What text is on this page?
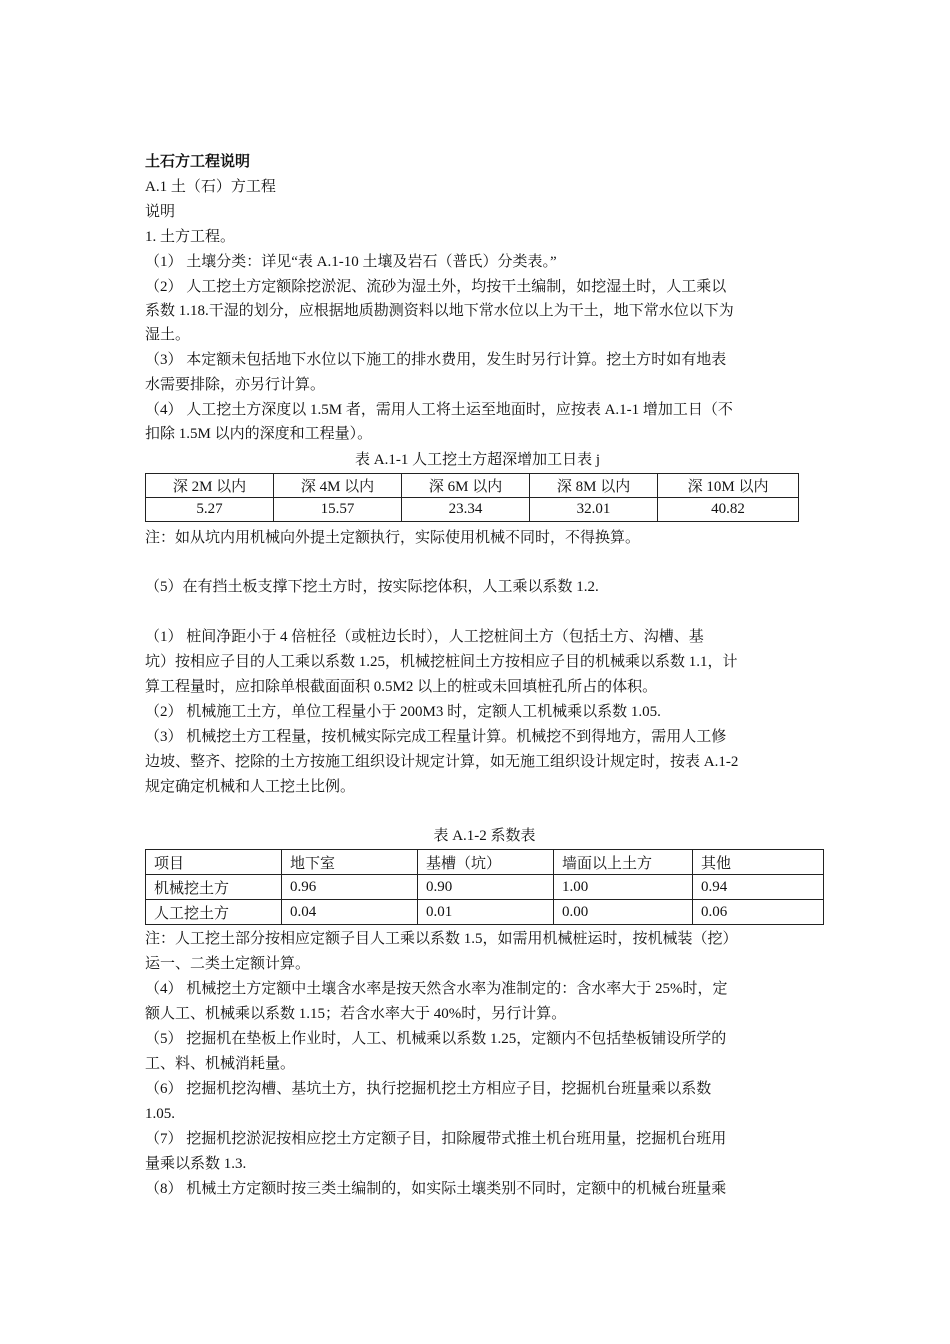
土石方工程说明
A.1 土（石）方工程
说明
1. 土方工程。
（1） 土壤分类：详见“表 A.1-10 土壤及岩石（普氏）分类表。”
（2） 人工挖土方定额除挖淤泥、流砂为湿土外，均按干土编制，如挖湿土时，人工乘以
系数 1.18.干湿的划分，应根据地质勘测资料以地下常水位以上为干土，地下常水位以下为
湿土。
（3） 本定额未包括地下水位以下施工的排水费用，发生时另行计算。挖土方时如有地表
水需要排除，亦另行计算。
（4） 人工挖土方深度以 1.5M 者，需用人工将土运至地面时，应按表 A.1-1 增加工日（不
扣除 1.5M 以内的深度和工程量）。
表 A.1-1 人工挖土方超深增加工日表 j
深 2M 以内	深 4M 以内	深 6M 以内	深 8M 以内	深 10M 以内
5.27	15.57	23.34	32.01	40.82
注：如从坑内用机械向外提土定额执行，实际使用机械不同时，不得换算。
（5）在有挡土板支撑下挖土方时，按实际挖体积，人工乘以系数 1.2.
（1） 桩间净距小于 4 倍桩径（或桩边长时），人工挖桩间土方（包括土方、沟槽、基
坑）按相应子目的人工乘以系数 1.25，机械挖桩间土方按相应子目的机械乘以系数 1.1，计
算工程量时，应扣除单根截面面积 0.5M2 以上的桩或未回填桩孔所占的体积。
（2） 机械施工土方，单位工程量小于 200M3 时，定额人工机械乘以系数 1.05.
（3） 机械挖土方工程量，按机械实际完成工程量计算。机械挖不到得地方，需用人工修
边坡、整齐、挖除的土方按施工组织设计规定计算，如无施工组织设计规定时，按表 A.1-2
规定确定机械和人工挖土比例。
表 A.1-2 系数表
项目	地下室	基槽（坑）	墙面以上土方	其他
机械挖土方	0.96	0.90	1.00	0.94
人工挖土方	0.04	0.01	0.00	0.06
注：人工挖土部分按相应定额子目人工乘以系数 1.5，如需用机械桩运时，按机械装（挖）
运一、二类土定额计算。
（4） 机械挖土方定额中土壤含水率是按天然含水率为准制定的：含水率大于 25%时，定
额人工、机械乘以系数 1.15；若含水率大于 40%时，另行计算。
（5） 挖掘机在垫板上作业时，人工、机械乘以系数 1.25，定额内不包括垫板铺设所学的
工、料、机械消耗量。
（6） 挖掘机挖沟槽、基坑土方，执行挖掘机挖土方相应子目，挖掘机台班量乘以系数
1.05.
（7） 挖掘机挖淤泥按相应挖土方定额子目，扣除履带式推土机台班用量，挖掘机台班用
量乘以系数 1.3.
（8） 机械土方定额时按三类土编制的，如实际土壤类别不同时，定额中的机械台班量乘
